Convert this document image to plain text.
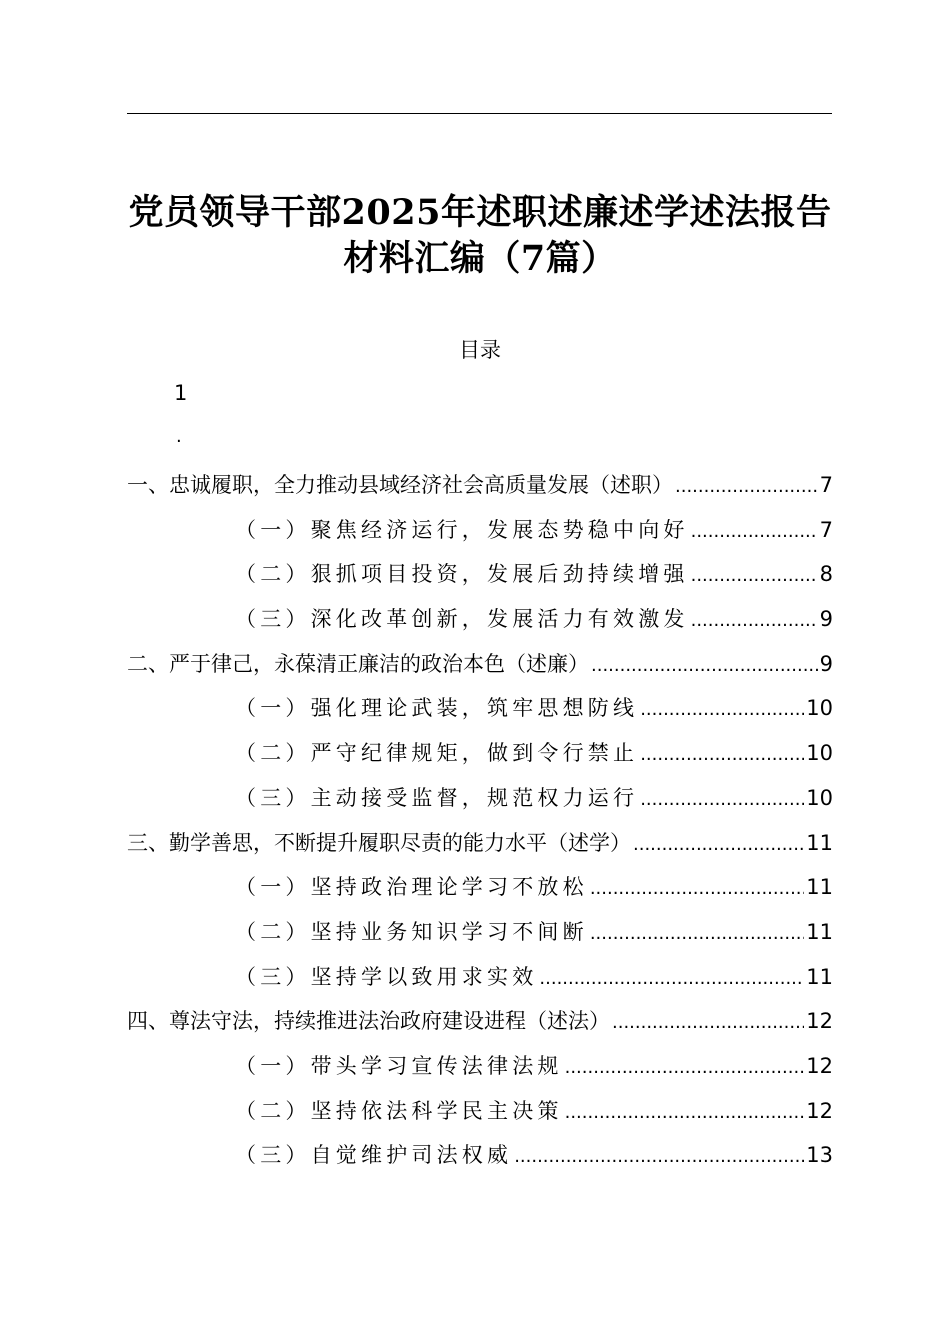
党员领导干部2025年述职述廉述学述法报告
材料汇编（7篇）
目录
1
.
一、忠诚履职，全力推动县域经济社会高质量发展（述职） .....	7
（一）聚焦经济运行，发展态势稳中向好 .....	7
（二）狠抓项目投资，发展后劲持续增强 .....	8
（三）深化改革创新，发展活力有效激发 .....	9
二、严于律己，永葆清正廉洁的政治本色（述廉） .....	9
（一）强化理论武装，筑牢思想防线 .....	10
（二）严守纪律规矩，做到令行禁止 .....	10
（三）主动接受监督，规范权力运行 .....	10
三、勤学善思，不断提升履职尽责的能力水平（述学） .....	11
（一）坚持政治理论学习不放松 .....	11
（二）坚持业务知识学习不间断 .....	11
（三）坚持学以致用求实效 .....	11
四、尊法守法，持续推进法治政府建设进程（述法） .....	12
（一）带头学习宣传法律法规 .....	12
（二）坚持依法科学民主决策 .....	12
（三）自觉维护司法权威 .....	13
